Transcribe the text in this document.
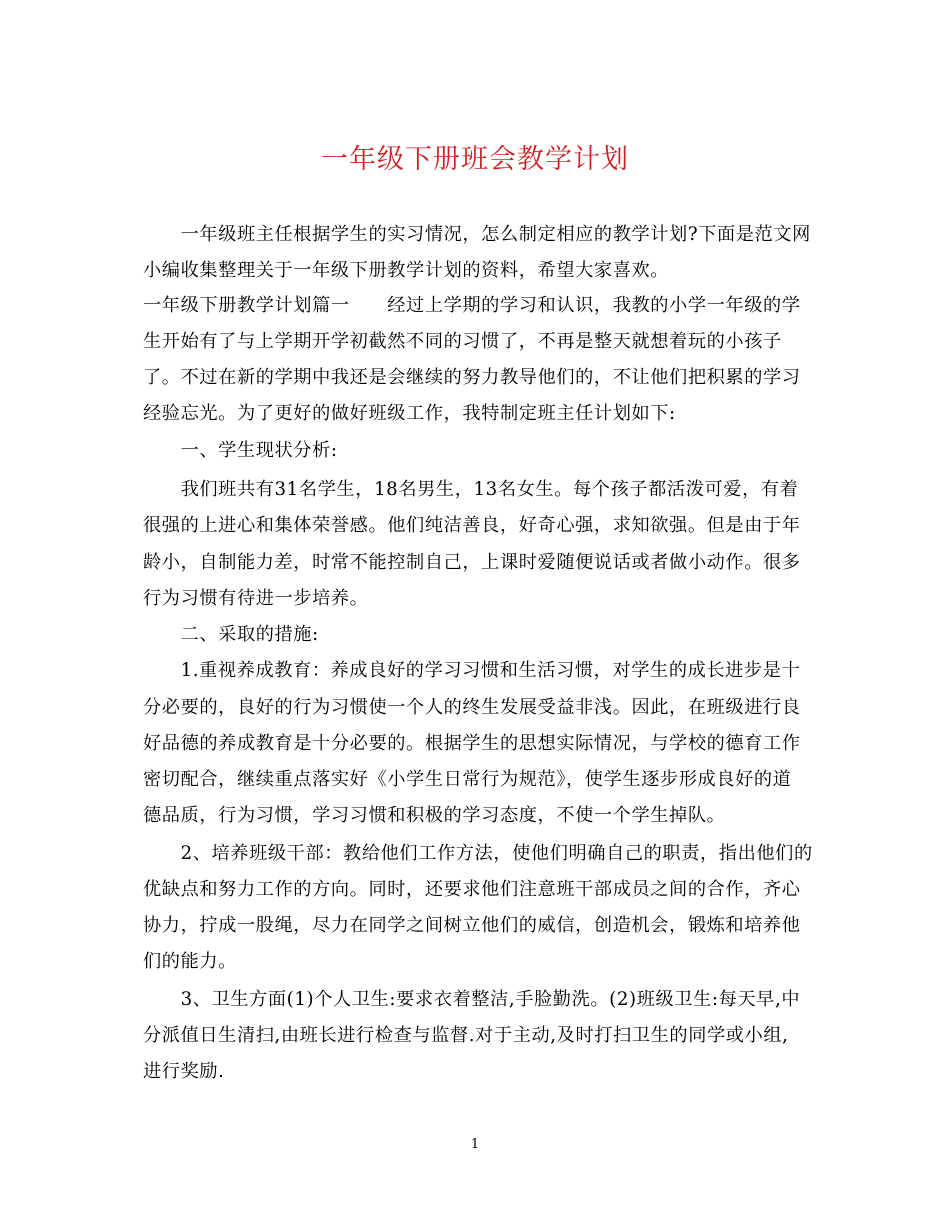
一年级下册班会教学计划
　　一年级班主任根据学生的实习情况，怎么制定相应的教学计划?下面是范文网
小编收集整理关于一年级下册教学计划的资料，希望大家喜欢。
一年级下册教学计划篇一　　经过上学期的学习和认识，我教的小学一年级的学
生开始有了与上学期开学初截然不同的习惯了，不再是整天就想着玩的小孩子
了。不过在新的学期中我还是会继续的努力教导他们的，不让他们把积累的学习
经验忘光。为了更好的做好班级工作，我特制定班主任计划如下:
　　一、学生现状分析:
　　我们班共有31名学生，18名男生，13名女生。每个孩子都活泼可爱，有着
很强的上进心和集体荣誉感。他们纯洁善良，好奇心强，求知欲强。但是由于年
龄小，自制能力差，时常不能控制自己，上课时爱随便说话或者做小动作。很多
行为习惯有待进一步培养。
　　二、采取的措施:
　　1.重视养成教育：养成良好的学习习惯和生活习惯，对学生的成长进步是十
分必要的，良好的行为习惯使一个人的终生发展受益非浅。因此，在班级进行良
好品德的养成教育是十分必要的。根据学生的思想实际情况，与学校的德育工作
密切配合，继续重点落实好《小学生日常行为规范》，使学生逐步形成良好的道
德品质，行为习惯，学习习惯和积极的学习态度，不使一个学生掉队。
　　2、培养班级干部：教给他们工作方法，使他们明确自己的职责，指出他们的
优缺点和努力工作的方向。同时，还要求他们注意班干部成员之间的合作，齐心
协力，拧成一股绳，尽力在同学之间树立他们的威信，创造机会，锻炼和培养他
们的能力。
　　3、卫生方面(1)个人卫生:要求衣着整洁,手脸勤洗。(2)班级卫生:每天早,中
分派值日生清扫,由班长进行检查与监督.对于主动,及时打扫卫生的同学或小组,
进行奖励.
1
